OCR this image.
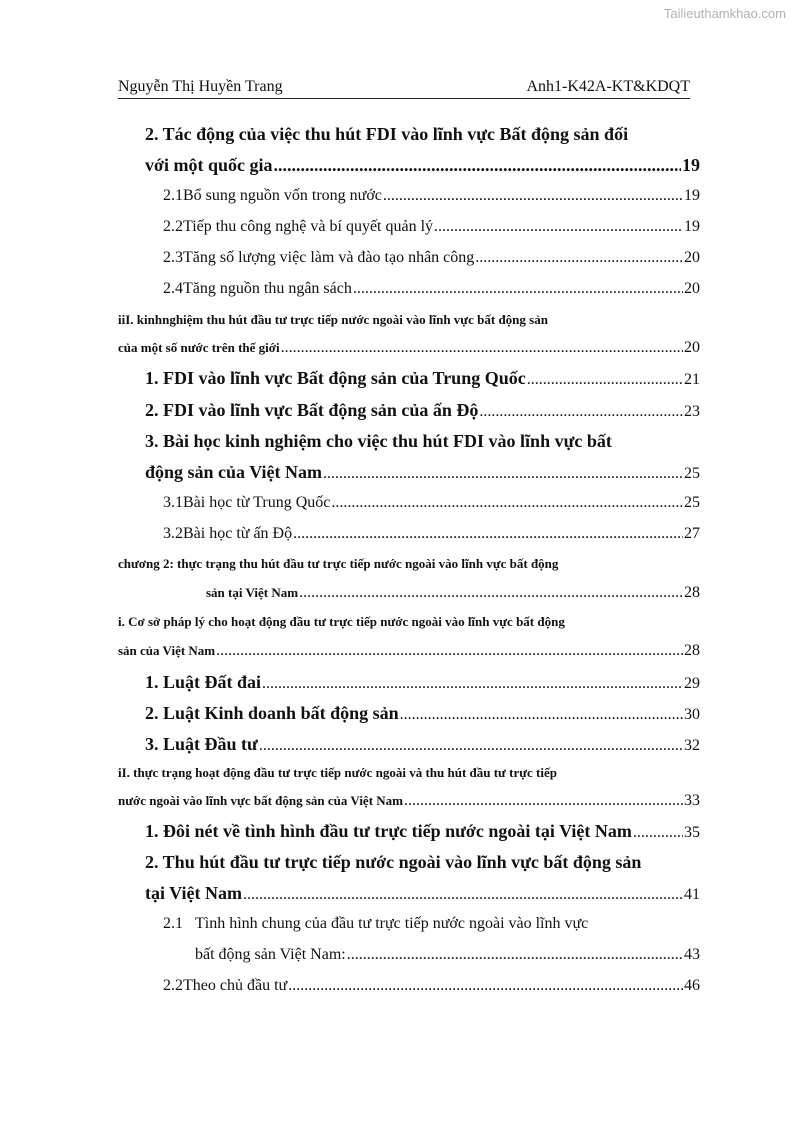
Tailieuthamkhao.com
Nguyễn Thị Huyền Trang	Anh1-K42A-KT&KDQT
2. Tác động của việc thu hút FDI vào lĩnh vực Bất động sản đối
với một quốc gia .....	19
2.1 Bổ sung nguồn vốn trong nước .....	19
2.2 Tiếp thu công nghệ và bí quyết quản lý .....	19
2.3 Tăng số lượng việc làm và đào tạo nhân công .....	20
2.4 Tăng nguồn thu ngân sách .....	20
iiI. kinhnghiệm thu hút đầu tư trực tiếp nước ngoài vào lĩnh vực bất động sản
của một số nước trên thế giới .....	20
1. FDI vào lĩnh vực Bất động sản của Trung Quốc .....	21
2. FDI vào lĩnh vực Bất động sản của ấn Độ .....	23
3. Bài học kinh nghiệm cho việc thu hút FDI vào lĩnh vực bất
động sản của Việt Nam .....	25
3.1 Bài học từ Trung Quốc .....	25
3.2 Bài học từ ấn Độ .....	27
chương 2: thực trạng thu hút đầu tư trực tiếp nước ngoài vào lĩnh vực bất động
sản tại Việt Nam .....	28
i. Cơ sở pháp lý cho hoạt động đầu tư trực tiếp nước ngoài vào lĩnh vực bất động
sản của Việt Nam .....	28
1. Luật Đất đai .....	29
2. Luật Kinh doanh bất động sản .....	30
3. Luật Đầu tư .....	32
iI. thực trạng hoạt động đầu tư trực tiếp nước ngoài và thu hút đầu tư trực tiếp
nước ngoài vào lĩnh vực bất động sản của Việt Nam .....	33
1. Đôi nét về tình hình đầu tư trực tiếp nước ngoài tại Việt Nam .....	35
2. Thu hút đầu tư trực tiếp nước ngoài vào lĩnh vực bất động sản
tại Việt Nam .....	41
2.1 Tình hình chung của đầu tư trực tiếp nước ngoài vào lĩnh vực
bất động sản Việt Nam: .....	43
2.2 Theo chủ đầu tư .....	46
